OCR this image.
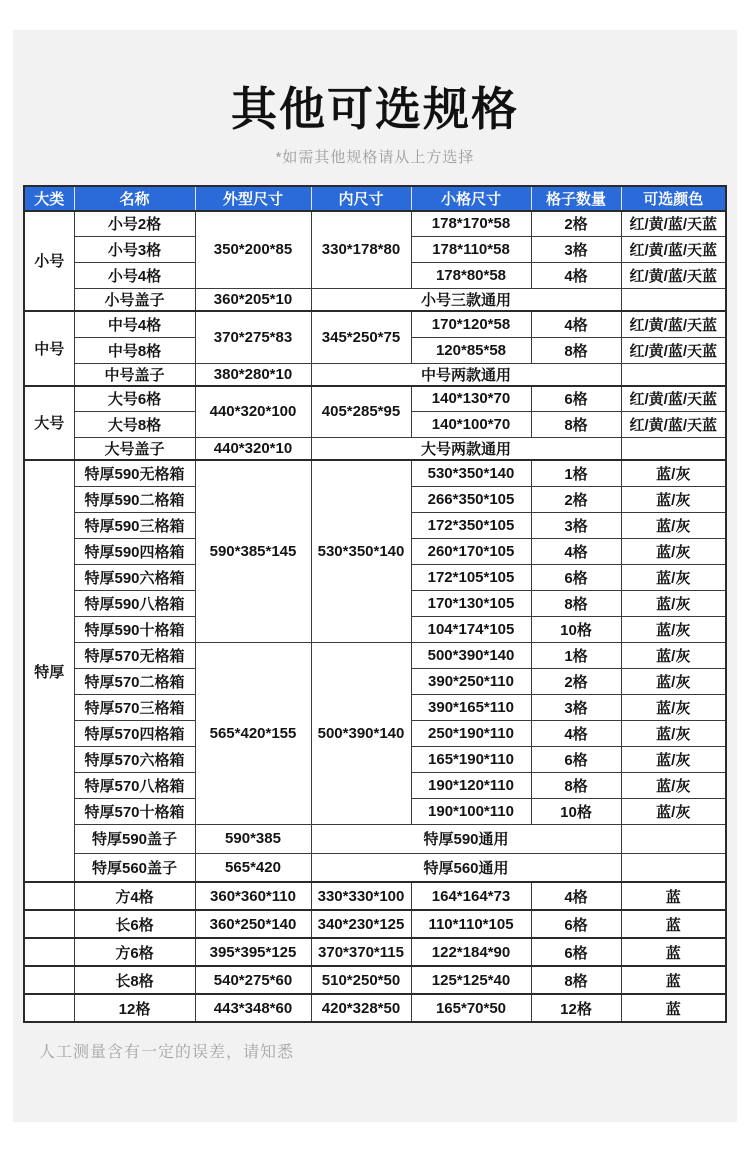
其他可选规格
*如需其他规格请从上方选择
大类	名称	外型尺寸	内尺寸	小格尺寸	格子数量	可选颜色
小号	小号2格	350*200*85	330*178*80	178*170*58	2格	红/黄/蓝/天蓝
	小号3格			178*110*58	3格	红/黄/蓝/天蓝
	小号4格			178*80*58	4格	红/黄/蓝/天蓝
	小号盖子	360*205*10	小号三款通用			
中号	中号4格	370*275*83	345*250*75	170*120*58	4格	红/黄/蓝/天蓝
	中号8格			120*85*58	8格	红/黄/蓝/天蓝
	中号盖子	380*280*10	中号两款通用			
大号	大号6格	440*320*100	405*285*95	140*130*70	6格	红/黄/蓝/天蓝
	大号8格			140*100*70	8格	红/黄/蓝/天蓝
	大号盖子	440*320*10	大号两款通用			
特厚	特厚590无格箱	590*385*145	530*350*140	530*350*140	1格	蓝/灰
	特厚590二格箱			266*350*105	2格	蓝/灰
	特厚590三格箱			172*350*105	3格	蓝/灰
	特厚590四格箱			260*170*105	4格	蓝/灰
	特厚590六格箱			172*105*105	6格	蓝/灰
	特厚590八格箱			170*130*105	8格	蓝/灰
	特厚590十格箱			104*174*105	10格	蓝/灰
	特厚570无格箱	565*420*155	500*390*140	500*390*140	1格	蓝/灰
	特厚570二格箱			390*250*110	2格	蓝/灰
	特厚570三格箱			390*165*110	3格	蓝/灰
	特厚570四格箱			250*190*110	4格	蓝/灰
	特厚570六格箱			165*190*110	6格	蓝/灰
	特厚570八格箱			190*120*110	8格	蓝/灰
	特厚570十格箱			190*100*110	10格	蓝/灰
	特厚590盖子	590*385	特厚590通用			
	特厚560盖子	565*420	特厚560通用			
	方4格	360*360*110	330*330*100	164*164*73	4格	蓝
	长6格	360*250*140	340*230*125	110*110*105	6格	蓝
	方6格	395*395*125	370*370*115	122*184*90	6格	蓝
	长8格	540*275*60	510*250*50	125*125*40	8格	蓝
	12格	443*348*60	420*328*50	165*70*50	12格	蓝
人工测量含有一定的误差，请知悉
